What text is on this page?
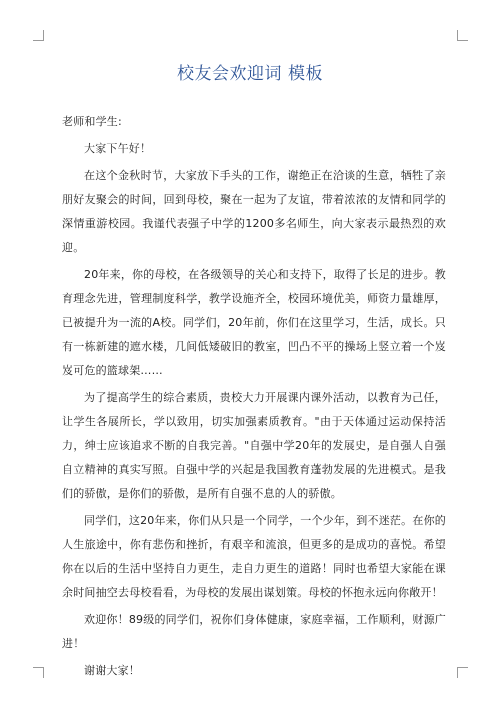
校友会欢迎词 模板

老师和学生:

大家下午好！

在这个金秋时节，大家放下手头的工作，谢绝正在洽谈的生意，牺牲了亲朋好友聚会的时间，回到母校，聚在一起为了友谊，带着浓浓的友情和同学的深情重游校园。我谨代表强子中学的1200多名师生，向大家表示最热烈的欢迎。

20年来，你的母校，在各级领导的关心和支持下，取得了长足的进步。教育理念先进，管理制度科学，教学设施齐全，校园环境优美，师资力量雄厚，已被提升为一流的A校。同学们，20年前，你们在这里学习，生活，成长。只有一栋新建的遮水楼，几间低矮破旧的教室，凹凸不平的操场上竖立着一个岌岌可危的篮球架……

为了提高学生的综合素质，贵校大力开展课内课外活动，以教育为己任，让学生各展所长，学以致用，切实加强素质教育。"由于天体通过运动保持活力，绅士应该追求不断的自我完善。"自强中学20年的发展史，是自强人自强自立精神的真实写照。自强中学的兴起是我国教育蓬勃发展的先进模式。是我们的骄傲，是你们的骄傲，是所有自强不息的人的骄傲。

同学们，这20年来，你们从只是一个同学，一个少年，到不迷茫。在你的人生旅途中，你有悲伤和挫折，有艰辛和流浪，但更多的是成功的喜悦。希望你在以后的生活中坚持自力更生，走自力更生的道路！同时也希望大家能在课余时间抽空去母校看看，为母校的发展出谋划策。母校的怀抱永远向你敞开！

欢迎你！89级的同学们，祝你们身体健康，家庭幸福，工作顺利，财源广进！

谢谢大家！
